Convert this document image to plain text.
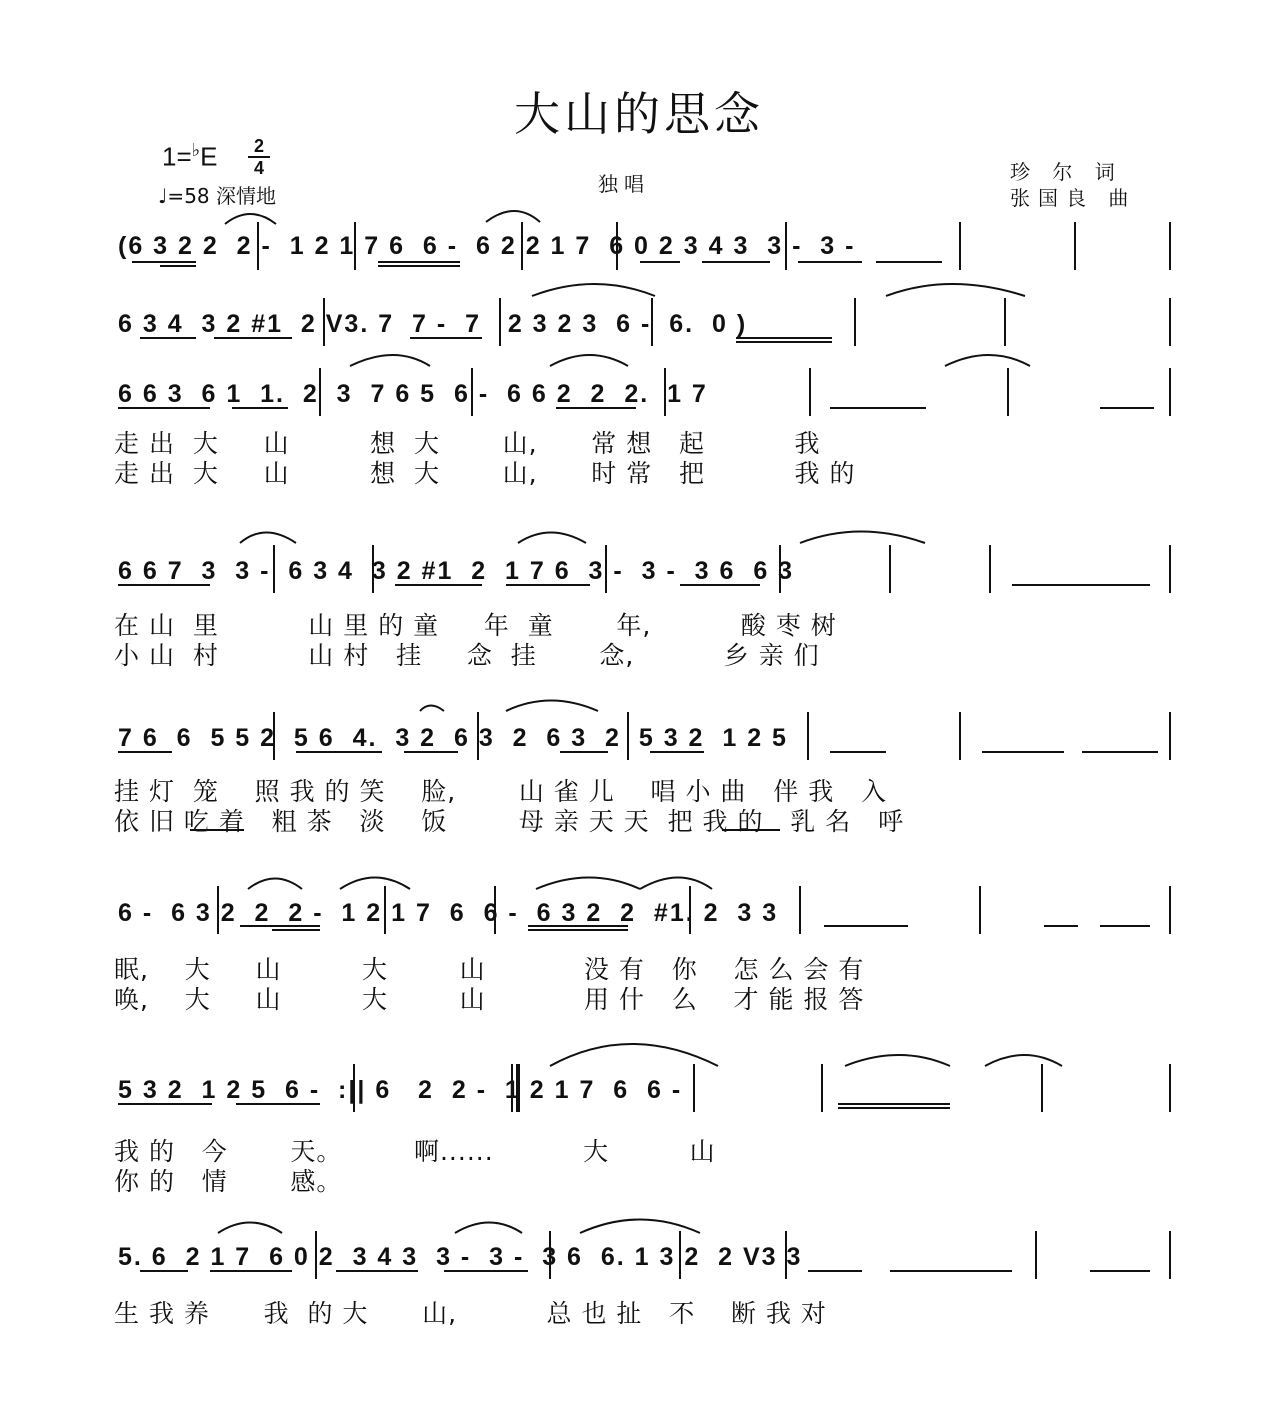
大山的思念
1=♭E	2
4
♩=58 深情地	独唱	珍 尔 词
张国良 曲
(6 3 2 2  2 -  1 2 1 7 6  6 -  6 2 2 1 7  6 0 2 3 4 3  3 -  3 -
6 3 4  3 2 #1  2 V3. 7  7 -  7   2 3 2 3  6 -  6.  0 )
6 6 3  6 1  1.  2  3  7 6 5  6 -  6 6 2  2  2.  1 7
走 出  大     山         想  大       山,      常 想   起          我
走 出  大     山         想  大       山,      时 常   把          我 的
6 6 7  3  3 -  6 3 4  3 2 #1  2  1 7 6  3 -  3 -  3 6  6 3
在 山  里          山 里 的 童     年  童       年,          酸 枣 树
小 山  村          山 村   挂     念  挂       念,          乡 亲 们
7 6  6  5 5 2  5 6  4.  3 2  6 3  2  6 3  2  5 3 2  1 2 5
挂 灯  笼    照 我 的 笑    脸,       山 雀 儿    唱 小 曲   伴 我   入
依 旧 吃 着   粗 茶   淡    饭        母 亲 天 天  把 我 的   乳 名   呼
6 -  6 3 2  2  2 -  1 2 1 7  6  6 -  6 3 2  2  #1. 2  3 3
眠,    大     山         大        山           没 有   你    怎 么 会 有
唤,    大     山         大        山           用 什   么    才 能 报 答
5 3 2  1 2 5  6 -  :|| 6   2  2 -  1 2 1 7  6  6 -
我 的   今       天。        啊......          大         山
你 的   情       感。
5. 6  2 1 7  6 0 2  3 4 3  3 -  3 -  3 6  6. 1 3 2  2 V3 3
生 我 养      我  的 大      山,          总 也 扯   不    断 我 对
